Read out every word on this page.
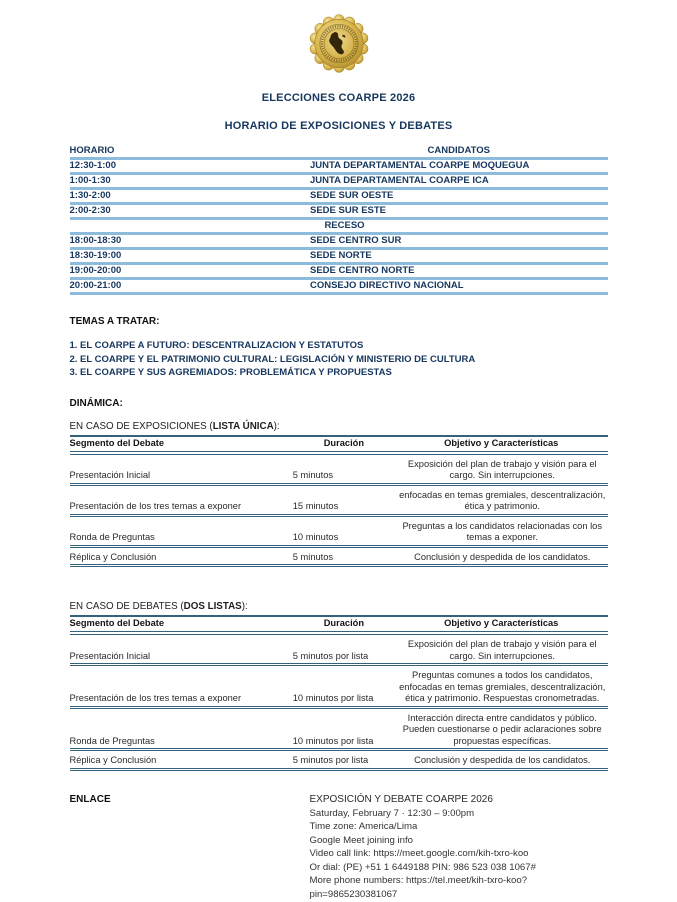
ELECCIONES COARPE 2026
HORARIO DE EXPOSICIONES Y DEBATES
HORARIO	CANDIDATOS
12:30-1:00	JUNTA DEPARTAMENTAL COARPE MOQUEGUA
1:00-1:30	JUNTA DEPARTAMENTAL COARPE ICA
1:30-2:00	SEDE SUR OESTE
2:00-2:30	SEDE SUR ESTE
RECESO	
18:00-18:30	SEDE CENTRO SUR
18:30-19:00	SEDE NORTE
19:00-20:00	SEDE CENTRO NORTE
20:00-21:00	CONSEJO DIRECTIVO NACIONAL
TEMAS A TRATAR:
1. EL COARPE A FUTURO: DESCENTRALIZACION Y ESTATUTOS
2. EL COARPE Y EL PATRIMONIO CULTURAL: LEGISLACIÓN Y MINISTERIO DE CULTURA
3. EL COARPE Y SUS AGREMIADOS: PROBLEMÁTICA Y PROPUESTAS
DINÁMICA:
EN CASO DE EXPOSICIONES (LISTA ÚNICA):
Segmento del Debate	Duración	Objetivo y Características
Presentación Inicial	5 minutos	Exposición del plan de trabajo y visión para el cargo. Sin interrupciones.
Presentación de los tres temas a exponer	15 minutos	enfocadas en temas gremiales, descentralización, ética y patrimonio.
Ronda de Preguntas	10 minutos	Preguntas a los candidatos relacionadas con los temas a exponer.
Réplica y Conclusión	5 minutos	Conclusión y despedida de los candidatos.
EN CASO DE DEBATES (DOS LISTAS):
Segmento del Debate	Duración	Objetivo y Características
Presentación Inicial	5 minutos por lista	Exposición del plan de trabajo y visión para el cargo. Sin interrupciones.
Presentación de los tres temas a exponer	10 minutos por lista	Preguntas comunes a todos los candidatos, enfocadas en temas gremiales, descentralización, ética y patrimonio. Respuestas cronometradas.
Ronda de Preguntas	10 minutos por lista	Interacción directa entre candidatos y público. Pueden cuestionarse o pedir aclaraciones sobre propuestas específicas.
Réplica y Conclusión	5 minutos por lista	Conclusión y despedida de los candidatos.
ENLACE	EXPOSICIÓN Y DEBATE COARPE 2026
Saturday, February 7 · 12:30 – 9:00pm
Time zone: America/Lima
Google Meet joining info
Video call link: https://meet.google.com/kih-txro-koo
Or dial: (PE) +51 1 6449188 PIN: 986 523 038 1067#
More phone numbers: https://tel.meet/kih-txro-koo?pin=9865230381067
